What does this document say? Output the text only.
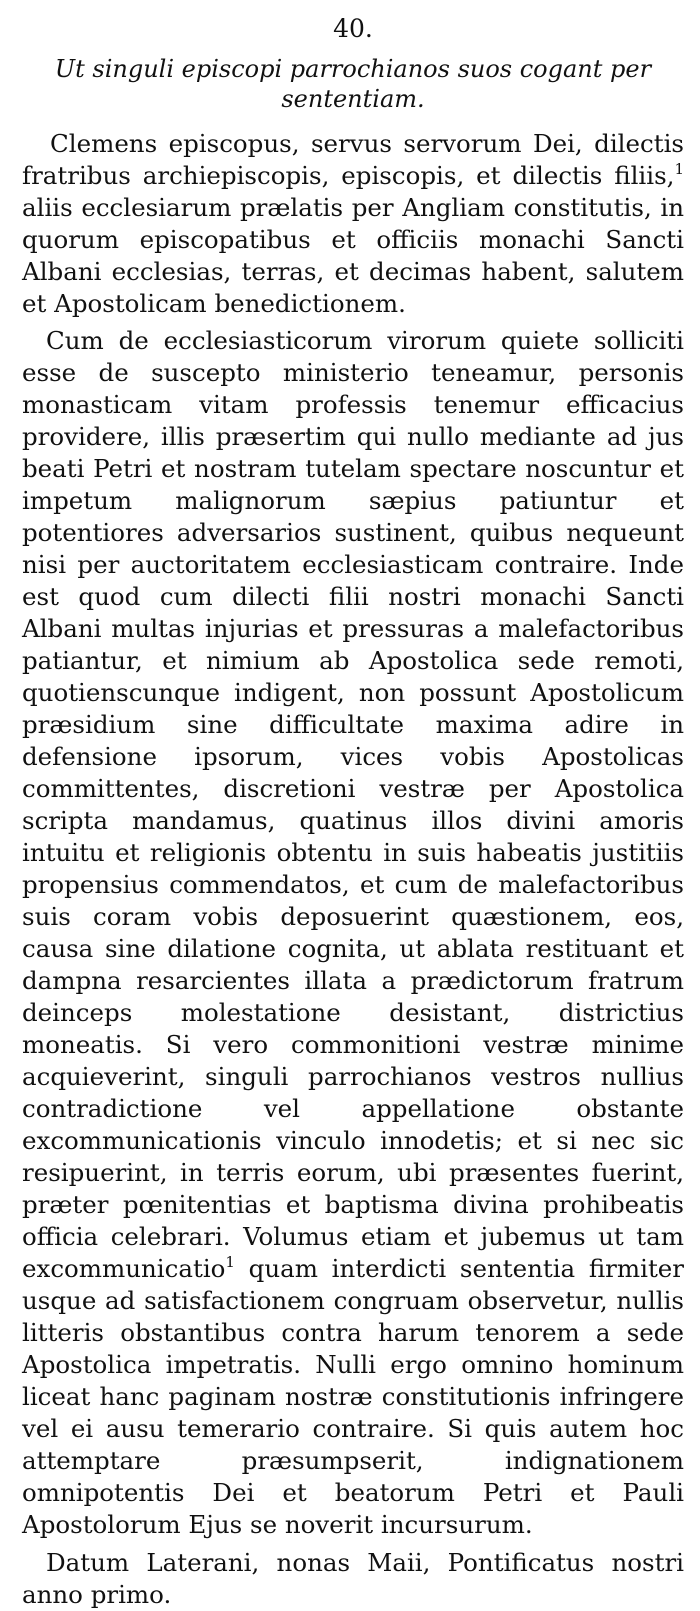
40.
Ut singuli episcopi parrochianos suos cogant per sententiam.

Clemens episcopus, servus servorum Dei, dilectis fratribus archiepiscopis, episcopis, et dilectis filiis,$^1$ aliis ecclesiarum prælatis per Angliam constitutis, in quorum episcopatibus et officiis monachi Sancti Albani ecclesias, terras, et decimas habent, salutem et Apostolicam benedictionem.

Cum de ecclesiasticorum virorum quiete solliciti esse de suscepto ministerio teneamur, personis monasticam vitam professis tenemur efficacius providere, illis præsertim qui nullo mediante ad jus beati Petri et nostram tutelam spectare noscuntur et impetum malignorum sæpius patiuntur et potentiores adversarios sustinent, quibus nequeunt nisi per auctoritatem ecclesiasticam contraire. Inde est quod cum dilecti filii nostri monachi Sancti Albani multas injurias et pressuras a malefactoribus patiantur, et nimium ab Apostolica sede remoti, quotienscunque indigent, non possunt Apostolicum præsidium sine difficultate maxima adire in defensione ipsorum, vices vobis Apostolicas committentes, discretioni vestræ per Apostolica scripta mandamus, quatinus illos divini amoris intuitu et religionis obtentu in suis habeatis justitiis propensius commendatos, et cum de malefactoribus suis coram vobis deposuerint quæstionem, eos, causa sine dilatione cognita, ut ablata restituant et dampna resarcientes illata a prædictorum fratrum deinceps molestatione desistant, districtius moneatis. Si vero commonitioni vestræ minime acquieverint, singuli parrochianos vestros nullius contradictione vel appellatione obstante excommunicationis vinculo innodetis; et si nec sic resipuerint, in terris eorum, ubi præsentes fuerint, præter pœnitentias et baptisma divina prohibeatis officia celebrari. Volumus etiam et jubemus ut tam excommunicatio$^1$ quam interdicti sententia firmiter usque ad satisfactionem congruam observetur, nullis litteris obstantibus contra harum tenorem a sede Apostolica impetratis. Nulli ergo omnino hominum liceat hanc paginam nostræ constitutionis infringere vel ei ausu temerario contraire. Si quis autem hoc attemptare præsumpserit, indignationem omnipotentis Dei et beatorum Petri et Pauli Apostolorum Ejus se noverit incursurum.

Datum Laterani, nonas Maii, Pontificatus nostri anno primo.
